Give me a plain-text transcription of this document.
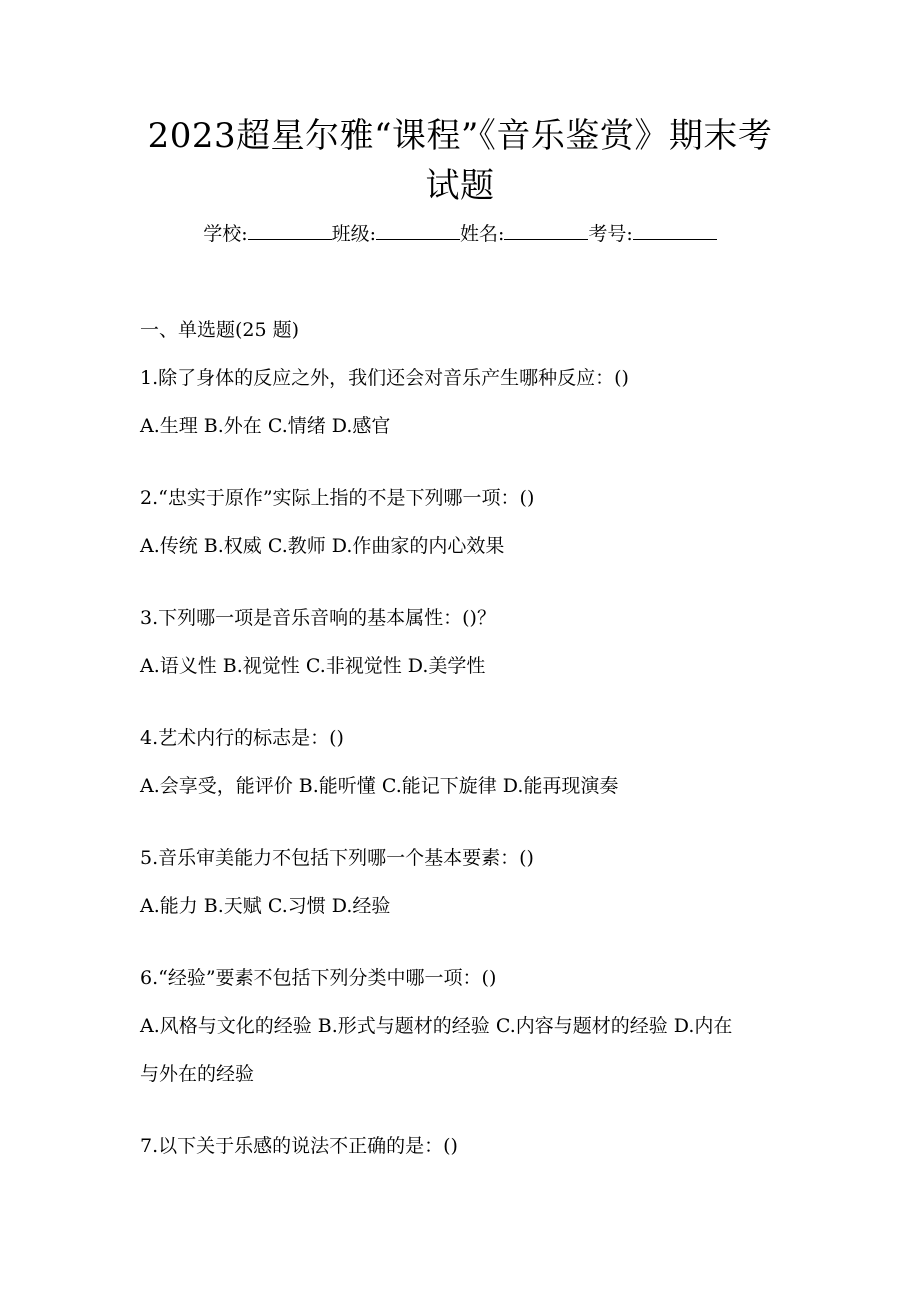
2023超星尔雅“课程”《音乐鉴赏》期末考
试题
学校:	班级:	姓名:	考号:
一、单选题(25 题)
1.除了身体的反应之外，我们还会对音乐产生哪种反应：()
A.生理 B.外在 C.情绪 D.感官
2.“忠实于原作”实际上指的不是下列哪一项：()
A.传统 B.权威 C.教师 D.作曲家的内心效果
3.下列哪一项是音乐音响的基本属性：()？
A.语义性 B.视觉性 C.非视觉性 D.美学性
4.艺术内行的标志是：()
A.会享受，能评价 B.能听懂 C.能记下旋律 D.能再现演奏
5.音乐审美能力不包括下列哪一个基本要素：()
A.能力 B.天赋 C.习惯 D.经验
6.“经验”要素不包括下列分类中哪一项：()
A.风格与文化的经验 B.形式与题材的经验 C.内容与题材的经验 D.内在
与外在的经验
7.以下关于乐感的说法不正确的是：()
